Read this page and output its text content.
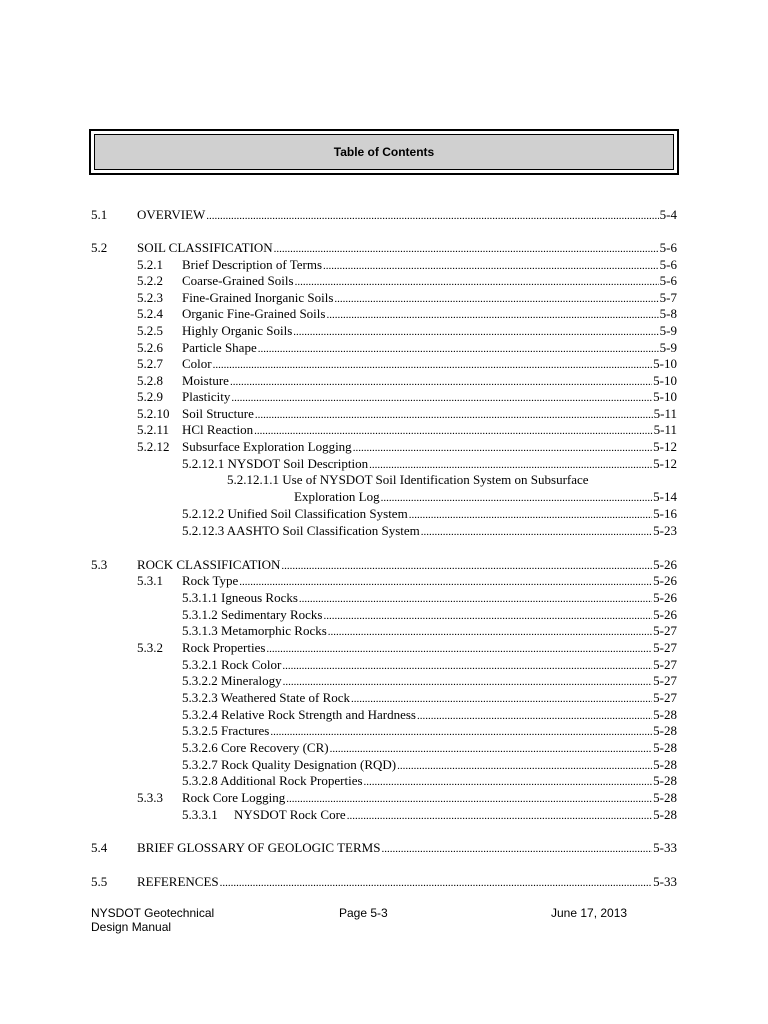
Table of Contents
5.1 OVERVIEW .....	5-4
5.2 SOIL CLASSIFICATION .....	5-6
5.2.1 Brief Description of Terms .....	5-6
5.2.2 Coarse-Grained Soils .....	5-6
5.2.3 Fine-Grained Inorganic Soils .....	5-7
5.2.4 Organic Fine-Grained Soils .....	5-8
5.2.5 Highly Organic Soils .....	5-9
5.2.6 Particle Shape .....	5-9
5.2.7 Color .....	5-10
5.2.8 Moisture .....	5-10
5.2.9 Plasticity .....	5-10
5.2.10 Soil Structure .....	5-11
5.2.11 HCl Reaction .....	5-11
5.2.12 Subsurface Exploration Logging .....	5-12
5.2.12.1 NYSDOT Soil Description .....	5-12
5.2.12.1.1 Use of NYSDOT Soil Identification System on Subsurface
Exploration Log .....	5-14
5.2.12.2 Unified Soil Classification System .....	5-16
5.2.12.3 AASHTO Soil Classification System .....	5-23
5.3 ROCK CLASSIFICATION .....	5-26
5.3.1 Rock Type .....	5-26
5.3.1.1 Igneous Rocks .....	5-26
5.3.1.2 Sedimentary Rocks .....	5-26
5.3.1.3 Metamorphic Rocks .....	5-27
5.3.2 Rock Properties .....	5-27
5.3.2.1 Rock Color .....	5-27
5.3.2.2 Mineralogy .....	5-27
5.3.2.3 Weathered State of Rock .....	5-27
5.3.2.4 Relative Rock Strength and Hardness .....	5-28
5.3.2.5 Fractures .....	5-28
5.3.2.6 Core Recovery (CR) .....	5-28
5.3.2.7 Rock Quality Designation (RQD) .....	5-28
5.3.2.8 Additional Rock Properties .....	5-28
5.3.3 Rock Core Logging .....	5-28
5.3.3.1     NYSDOT Rock Core .....	5-28
5.4 BRIEF GLOSSARY OF GEOLOGIC TERMS .....	5-33
5.5 REFERENCES .....	5-33
NYSDOT Geotechnical
Design Manual
Page 5-3	June 17, 2013
